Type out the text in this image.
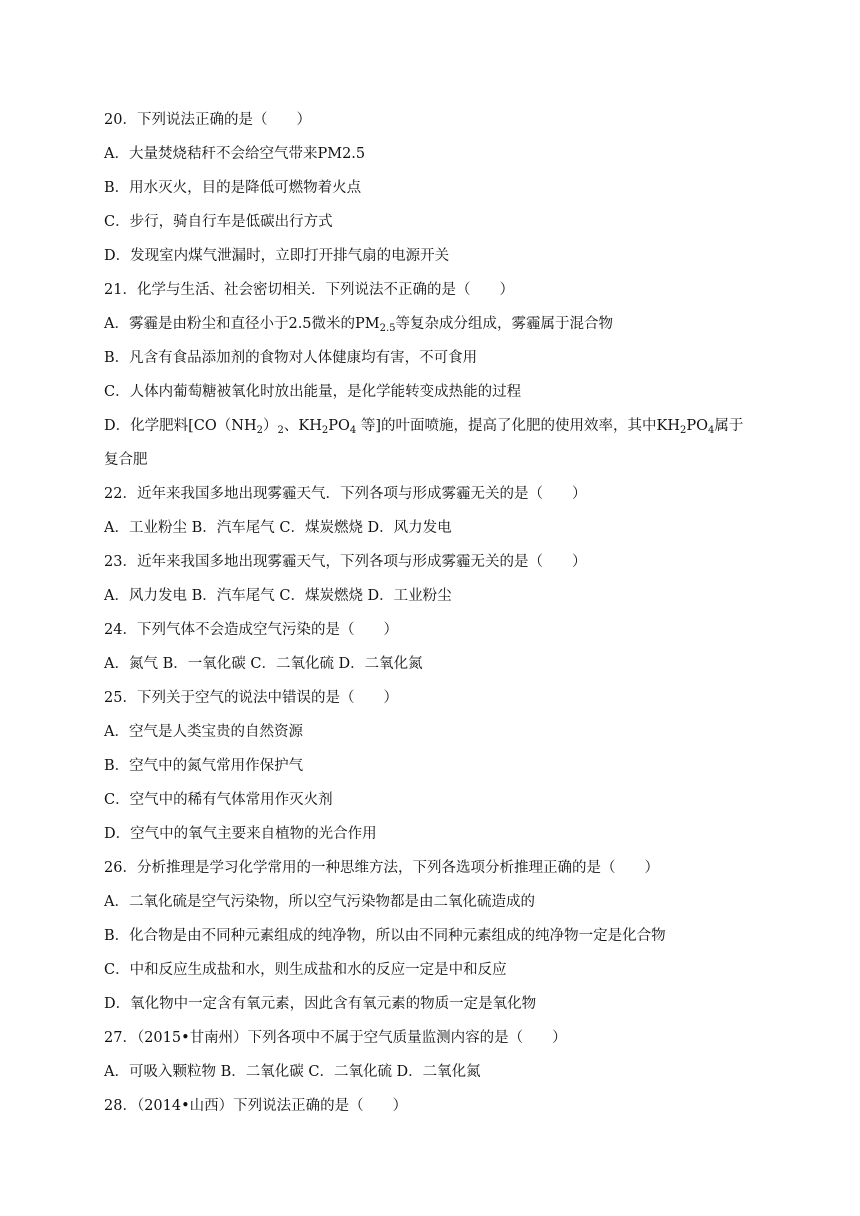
20．下列说法正确的是（　　）
A．大量焚烧秸秆不会给空气带来PM2.5
B．用水灭火，目的是降低可燃物着火点
C．步行，骑自行车是低碳出行方式
D．发现室内煤气泄漏时，立即打开排气扇的电源开关
21．化学与生活、社会密切相关．下列说法不正确的是（　　）
A．雾霾是由粉尘和直径小于2.5微米的$PM_{2.5}$等复杂成分组成，雾霾属于混合物
B．凡含有食品添加剂的食物对人体健康均有害，不可食用
C．人体内葡萄糖被氧化时放出能量，是化学能转变成热能的过程
D．化学肥料[$CO(NH_2)_2$、$KH_2PO_4$ 等]的叶面喷施，提高了化肥的使用效率，其中$KH_2PO_4$属于
复合肥
22．近年来我国多地出现雾霾天气．下列各项与形成雾霾无关的是（　　）
A．工业粉尘 B．汽车尾气 C．煤炭燃烧 D．风力发电
23．近年来我国多地出现雾霾天气，下列各项与形成雾霾无关的是（　　）
A．风力发电 B．汽车尾气 C．煤炭燃烧 D．工业粉尘
24．下列气体不会造成空气污染的是（　　）
A．氮气 B．一氧化碳 C．二氧化硫 D．二氧化氮
25．下列关于空气的说法中错误的是（　　）
A．空气是人类宝贵的自然资源
B．空气中的氮气常用作保护气
C．空气中的稀有气体常用作灭火剂
D．空气中的氧气主要来自植物的光合作用
26．分析推理是学习化学常用的一种思维方法，下列各选项分析推理正确的是（　　）
A．二氧化硫是空气污染物，所以空气污染物都是由二氧化硫造成的
B．化合物是由不同种元素组成的纯净物，所以由不同种元素组成的纯净物一定是化合物
C．中和反应生成盐和水，则生成盐和水的反应一定是中和反应
D．氧化物中一定含有氧元素，因此含有氧元素的物质一定是氧化物
27．（2015•甘南州）下列各项中不属于空气质量监测内容的是（　　）
A．可吸入颗粒物 B．二氧化碳 C．二氧化硫 D．二氧化氮
28．（2014•山西）下列说法正确的是（　　）
